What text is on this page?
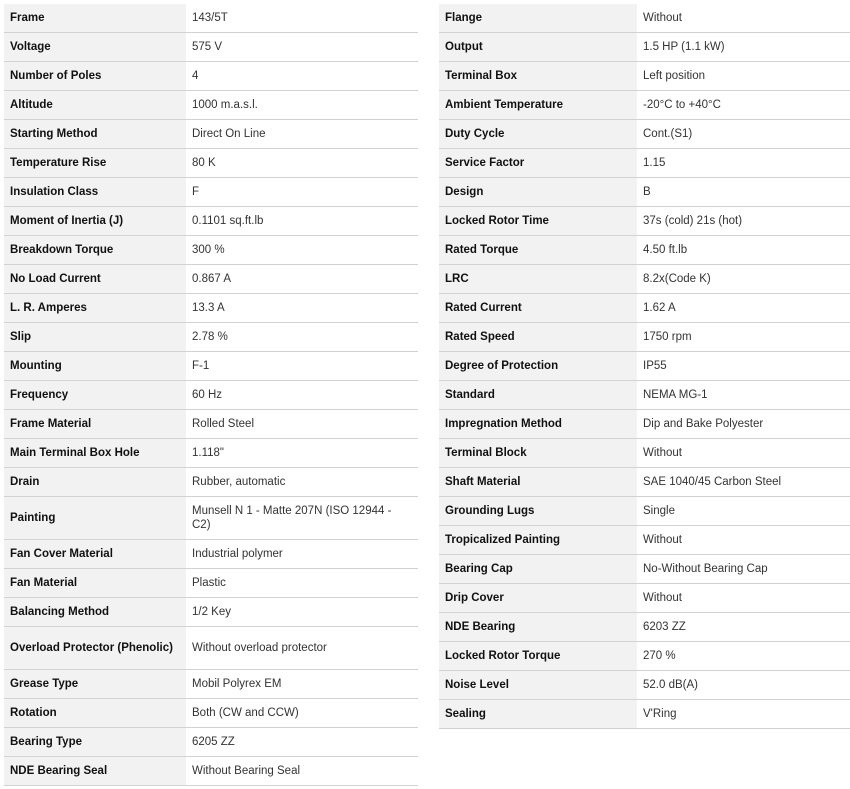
Frame	143/5T
Voltage	575 V
Number of Poles	4
Altitude	1000 m.a.s.l.
Starting Method	Direct On Line
Temperature Rise	80 K
Insulation Class	F
Moment of Inertia (J)	0.1101 sq.ft.lb
Breakdown Torque	300 %
No Load Current	0.867 A
L. R. Amperes	13.3 A
Slip	2.78 %
Mounting	F-1
Frequency	60 Hz
Frame Material	Rolled Steel
Main Terminal Box Hole	1.118"
Drain	Rubber, automatic
Painting	Munsell N 1 - Matte 207N (ISO 12944 - C2)
Fan Cover Material	Industrial polymer
Fan Material	Plastic
Balancing Method	1/2 Key
Overload Protector (Phenolic)	Without overload protector
Grease Type	Mobil Polyrex EM
Rotation	Both (CW and CCW)
Bearing Type	6205 ZZ
NDE Bearing Seal	Without Bearing Seal
Flange	Without
Output	1.5 HP (1.1 kW)
Terminal Box	Left position
Ambient Temperature	-20°C to +40°C
Duty Cycle	Cont.(S1)
Service Factor	1.15
Design	B
Locked Rotor Time	37s (cold) 21s (hot)
Rated Torque	4.50 ft.lb
LRC	8.2x(Code K)
Rated Current	1.62 A
Rated Speed	1750 rpm
Degree of Protection	IP55
Standard	NEMA MG-1
Impregnation Method	Dip and Bake Polyester
Terminal Block	Without
Shaft Material	SAE 1040/45 Carbon Steel
Grounding Lugs	Single
Tropicalized Painting	Without
Bearing Cap	No-Without Bearing Cap
Drip Cover	Without
NDE Bearing	6203 ZZ
Locked Rotor Torque	270 %
Noise Level	52.0 dB(A)
Sealing	V'Ring
